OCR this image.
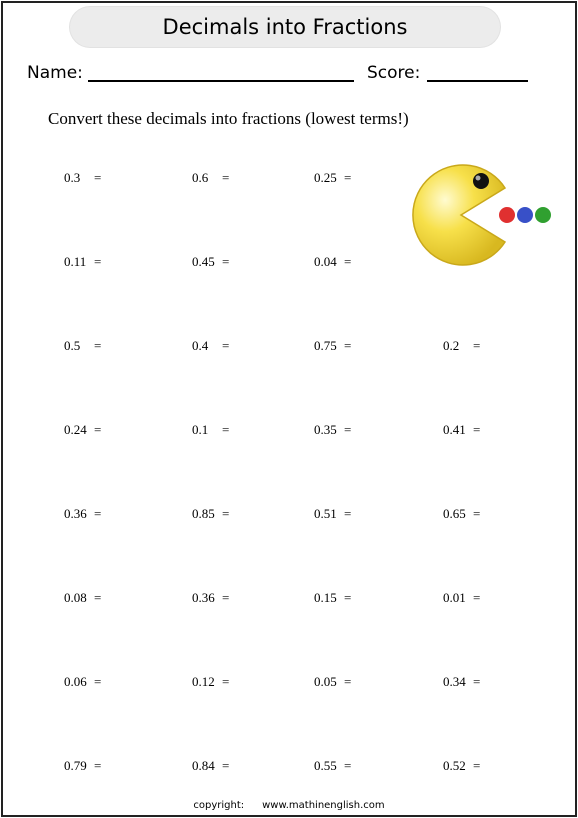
Decimals into Fractions
Name:	Score:
Convert these decimals into fractions (lowest terms!)
0.3 =	0.6 =	0.25 =
0.11 =	0.45 =	0.04 =
0.5 =	0.4 =	0.75 =	0.2 =
0.24 =	0.1 =	0.35 =	0.41 =
0.36 =	0.85 =	0.51 =	0.65 =
0.08 =	0.36 =	0.15 =	0.01 =
0.06 =	0.12 =	0.05 =	0.34 =
0.79 =	0.84 =	0.55 =	0.52 =
copyright: www.mathinenglish.com
